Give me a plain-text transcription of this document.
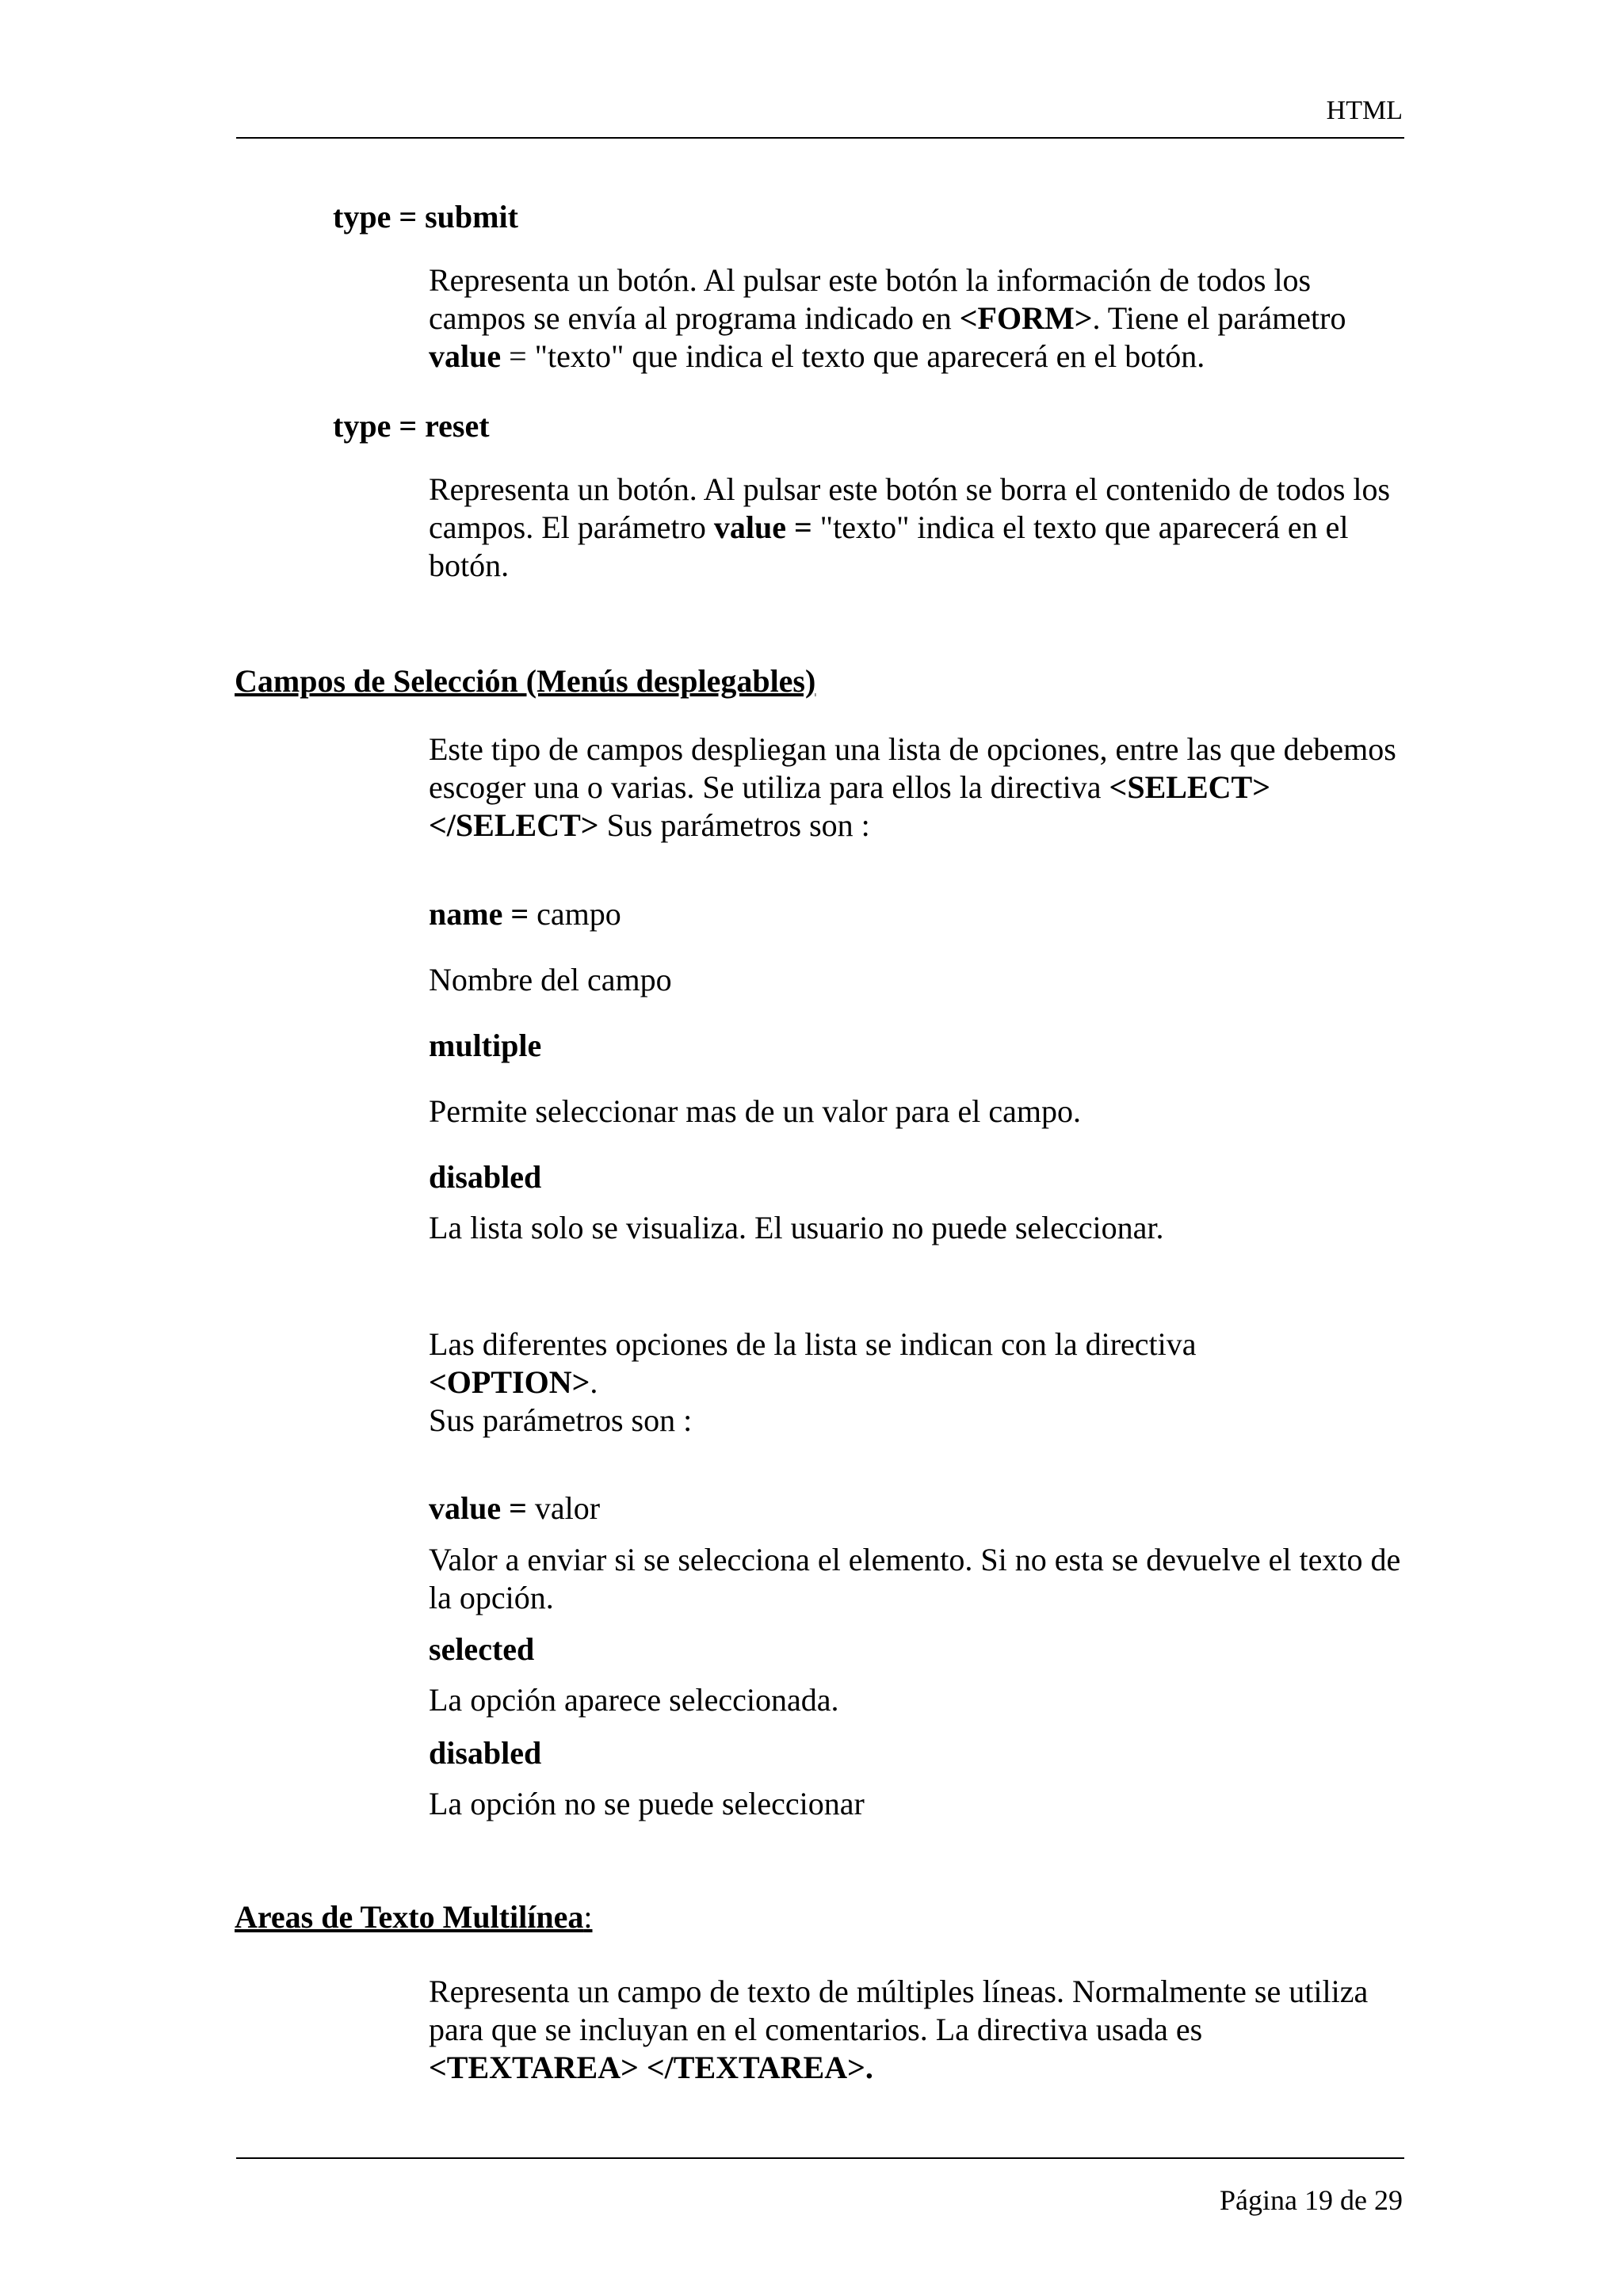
HTML
type = submit
Representa un botón. Al pulsar este botón la información de todos los campos se envía al programa indicado en <FORM>. Tiene el parámetro
value = "texto" que indica el texto que aparecerá en el botón.
type = reset
Representa un botón. Al pulsar este botón se borra el contenido de todos los campos. El parámetro value = "texto" indica el texto que aparecerá en el botón.
Campos de Selección (Menús desplegables)
Este tipo de campos despliegan una lista de opciones, entre las que debemos escoger una o varias. Se utiliza para ellos la directiva <SELECT> </SELECT> Sus parámetros son :
name = campo
Nombre del campo
multiple
Permite seleccionar mas de un valor para el campo.
disabled
La lista solo se visualiza. El usuario no puede seleccionar.
Las diferentes opciones de la lista se indican con la directiva
<OPTION>.
Sus parámetros son :
value = valor
Valor a enviar si se selecciona el elemento. Si no esta se devuelve el texto de la opción.
selected
La opción aparece seleccionada.
disabled
La opción no se puede seleccionar
Areas de Texto Multilínea:
Representa un campo de texto de múltiples líneas. Normalmente se utiliza para que se incluyan en el comentarios. La directiva usada es <TEXTAREA> </TEXTAREA>.
Página 19 de 29
